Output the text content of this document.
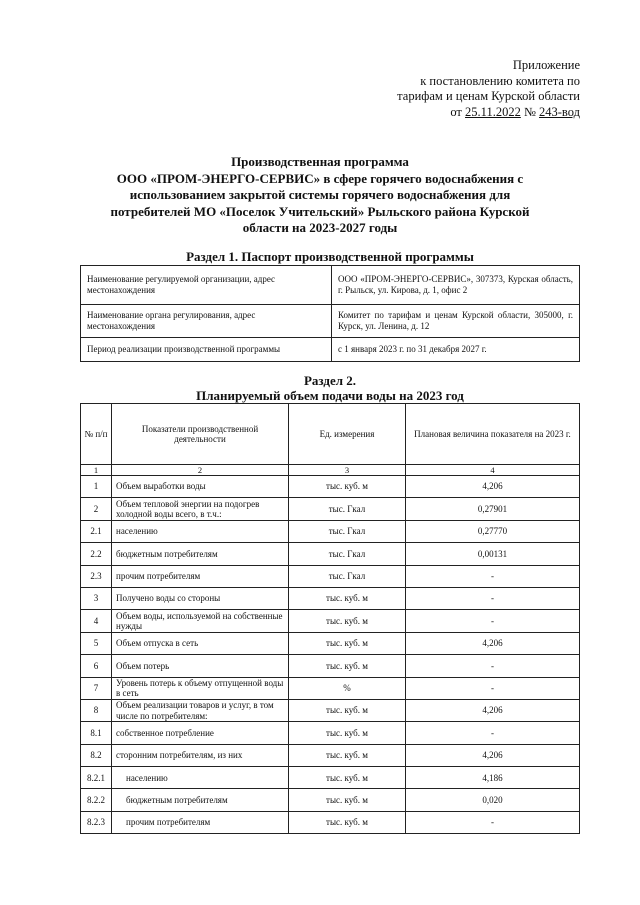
Приложение
к постановлению комитета по
тарифам и ценам Курской области
от 25.11.2022 № 243-вод
Производственная программа
ООО «ПРОМ-ЭНЕРГО-СЕРВИС» в сфере горячего водоснабжения с
использованием закрытой системы горячего водоснабжения для
потребителей МО «Поселок Учительский» Рыльского района Курской
области на 2023-2027 годы
Раздел 1. Паспорт производственной программы
Наименование регулируемой организации, адрес местонахождения	ООО «ПРОМ-ЭНЕРГО-СЕРВИС», 307373, Курская область, г. Рыльск, ул. Кирова, д. 1, офис 2
Наименование органа регулирования, адрес местонахождения	Комитет по тарифам и ценам Курской области, 305000, г. Курск, ул. Ленина, д. 12
Период реализации производственной программы	с 1 января 2023 г. по 31 декабря 2027 г.
Раздел 2.
Планируемый объем подачи воды на 2023 год
№ п/п	Показатели производственной деятельности	Ед. измерения	Плановая величина показателя на 2023 г.
1	2	3	4
1	Объем выработки воды	тыс. куб. м	4,206
2	Объем тепловой энергии на подогрев холодной воды всего, в т.ч.:	тыс. Гкал	0,27901
2.1	населению	тыс. Гкал	0,27770
2.2	бюджетным потребителям	тыс. Гкал	0,00131
2.3	прочим потребителям	тыс. Гкал	-
3	Получено воды со стороны	тыс. куб. м	-
4	Объем воды, используемой на собственные нужды	тыс. куб. м	-
5	Объем отпуска в сеть	тыс. куб. м	4,206
6	Объем потерь	тыс. куб. м	-
7	Уровень потерь к объему отпущенной воды в сеть	%	-
8	Объем реализации товаров и услуг, в том числе по потребителям:	тыс. куб. м	4,206
8.1	собственное потребление	тыс. куб. м	-
8.2	сторонним потребителям, из них	тыс. куб. м	4,206
8.2.1	населению	тыс. куб. м	4,186
8.2.2	бюджетным потребителям	тыс. куб. м	0,020
8.2.3	прочим потребителям	тыс. куб. м	-
